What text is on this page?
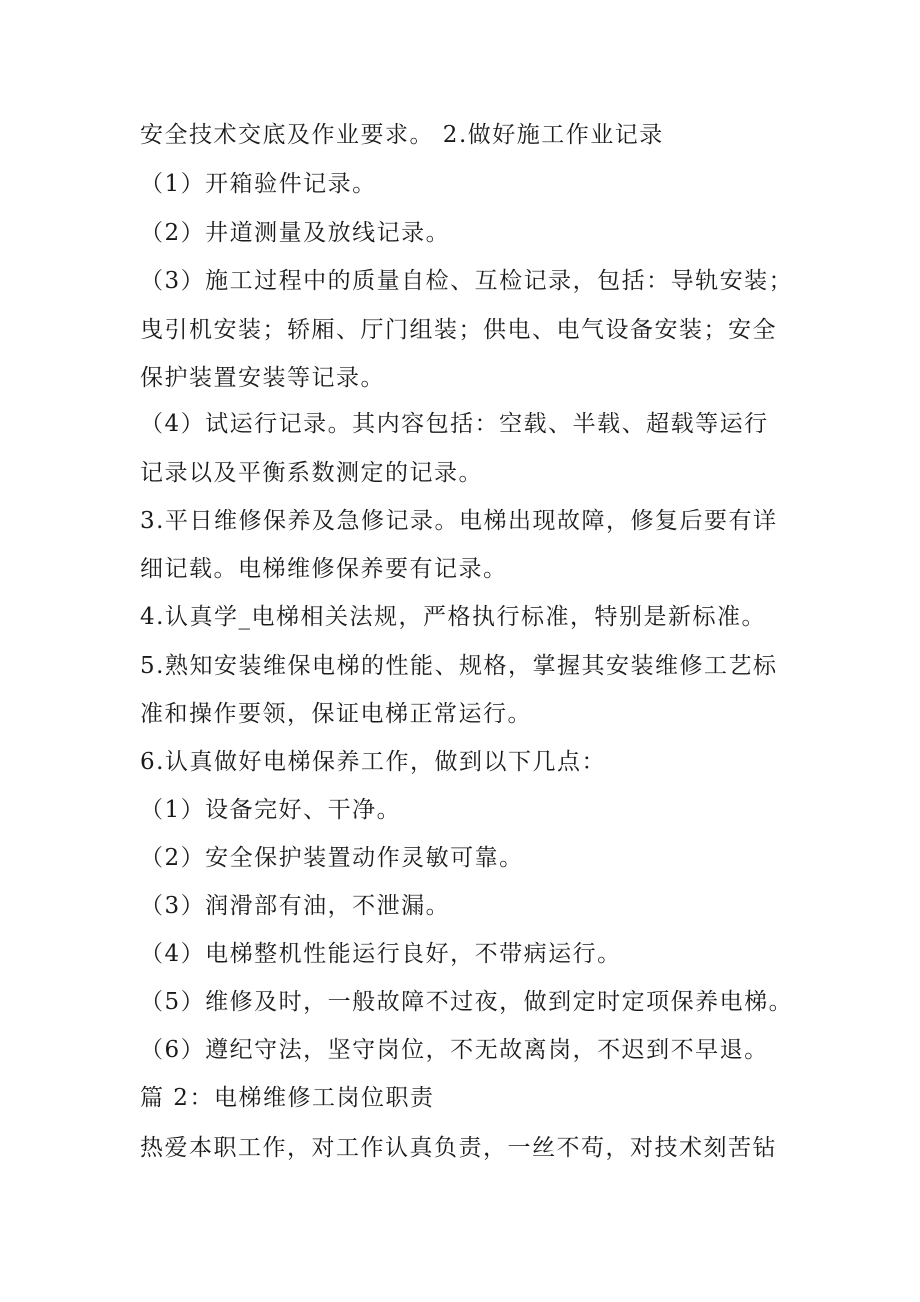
安全技术交底及作业要求。 2.做好施工作业记录
（1）开箱验件记录。
（2）井道测量及放线记录。
（3）施工过程中的质量自检、互检记录，包括：导轨安装；
曳引机安装；轿厢、厅门组装；供电、电气设备安装；安全
保护装置安装等记录。
（4）试运行记录。其内容包括：空载、半载、超载等运行
记录以及平衡系数测定的记录。
3.平日维修保养及急修记录。电梯出现故障，修复后要有详
细记载。电梯维修保养要有记录。
4.认真学_电梯相关法规，严格执行标准，特别是新标准。
5.熟知安装维保电梯的性能、规格，掌握其安装维修工艺标
准和操作要领，保证电梯正常运行。
6.认真做好电梯保养工作，做到以下几点：
（1）设备完好、干净。
（2）安全保护装置动作灵敏可靠。
（3）润滑部有油，不泄漏。
（4）电梯整机性能运行良好，不带病运行。
（5）维修及时，一般故障不过夜，做到定时定项保养电梯。
（6）遵纪守法，坚守岗位，不无故离岗，不迟到不早退。
篇 2：电梯维修工岗位职责
热爱本职工作，对工作认真负责，一丝不苟，对技术刻苦钻
